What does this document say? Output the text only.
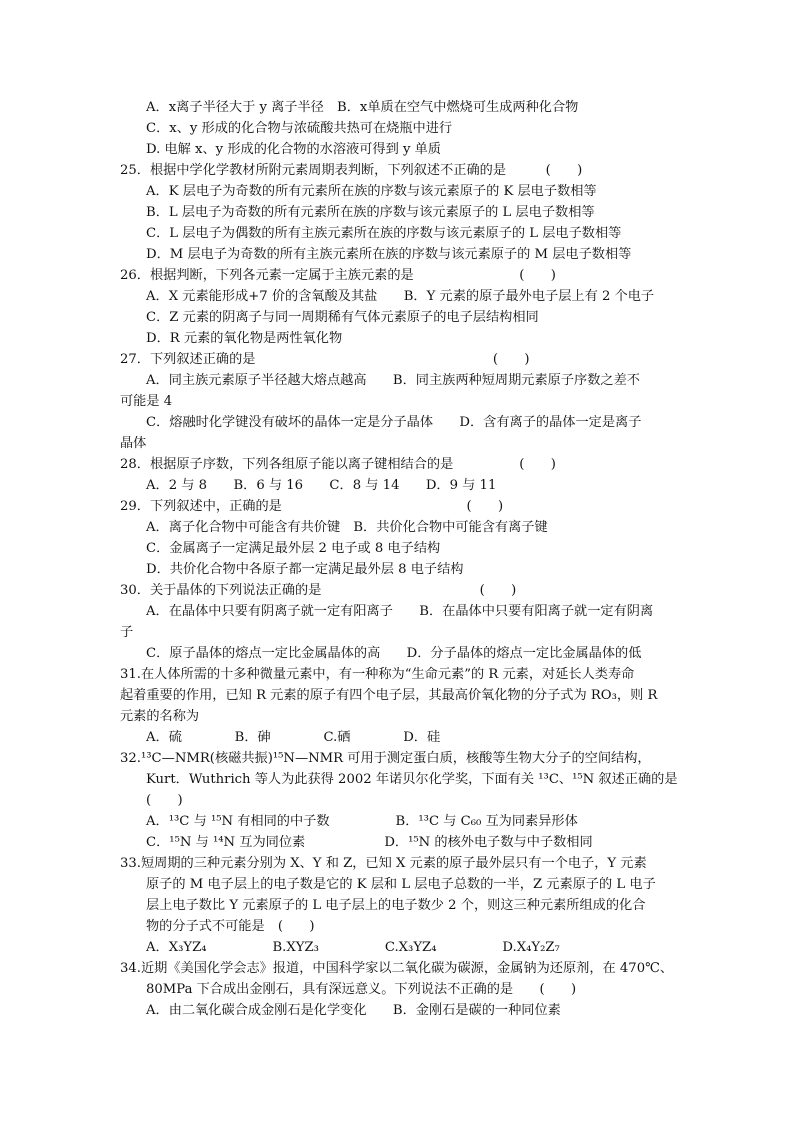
A．x离子半径大于 y 离子半径　B．x单质在空气中燃烧可生成两种化合物
C．x、y 形成的化合物与浓硫酸共热可在烧瓶中进行
D. 电解 x、y 形成的化合物的水溶液可得到 y 单质
25．根据中学化学教材所附元素周期表判断，下列叙述不正确的是　　　(　　)
A．K 层电子为奇数的所有元素所在族的序数与该元素原子的 K 层电子数相等
B．L 层电子为奇数的所有元素所在族的序数与该元素原子的 L 层电子数相等
C．L 层电子为偶数的所有主族元素所在族的序数与该元素原子的 L 层电子数相等
D．M 层电子为奇数的所有主族元素所在族的序数与该元素原子的 M 层电子数相等
26．根据判断，下列各元素一定属于主族元素的是　　　　　　　　(　　)
A．X 元素能形成+7 价的含氧酸及其盐　　B．Y 元素的原子最外电子层上有 2 个电子
C．Z 元素的阴离子与同一周期稀有气体元素原子的电子层结构相同
D．R 元素的氧化物是两性氧化物
27．下列叙述正确的是　　　　　　　　　　　　　　　　　　(　　)
A．同主族元素原子半径越大熔点越高　　B．同主族两种短周期元素原子序数之差不
可能是 4
C．熔融时化学键没有破坏的晶体一定是分子晶体　　D．含有离子的晶体一定是离子
晶体
28．根据原子序数，下列各组原子能以离子键相结合的是　　　　　(　　)
A．2 与 8　　B．6 与 16　　C．8 与 14　　D．9 与 11
29．下列叙述中，正确的是　　　　　　　　　　　　　　(　　)
A．离子化合物中可能含有共价键　B．共价化合物中可能含有离子键
C．金属离子一定满足最外层 2 电子或 8 电子结构
D．共价化合物中各原子都一定满足最外层 8 电子结构
30．关于晶体的下列说法正确的是　　　　　　　　　　　　(　　)
A．在晶体中只要有阴离子就一定有阳离子　　B．在晶体中只要有阳离子就一定有阴离
子
C．原子晶体的熔点一定比金属晶体的高　　D．分子晶体的熔点一定比金属晶体的低
31.在人体所需的十多种微量元素中，有一种称为“生命元素”的 R 元素，对延长人类寿命
起着重要的作用，已知 R 元素的原子有四个电子层，其最高价氧化物的分子式为 RO₃，则 R
元素的名称为
A．硫　　　　B．砷　　　　C.硒　　　　D．硅
32.¹³C—NMR(核磁共振)¹⁵N—NMR 可用于测定蛋白质，核酸等生物大分子的空间结构，
Kurt．Wuthrich 等人为此获得 2002 年诺贝尔化学奖，下面有关 ¹³C、¹⁵N 叙述正确的是
(　　)
A．¹³C 与 ¹⁵N 有相同的中子数　　　　　B．¹³C 与 C₆₀ 互为同素异形体
C．¹⁵N 与 ¹⁴N 互为同位素　　　　　　D．¹⁵N 的核外电子数与中子数相同
33.短周期的三种元素分别为 X、Y 和 Z，已知 X 元素的原子最外层只有一个电子，Y 元素
原子的 M 电子层上的电子数是它的 K 层和 L 层电子总数的一半，Z 元素原子的 L 电子
层上电子数比 Y 元素原子的 L 电子层上的电子数少 2 个，则这三种元素所组成的化合
物的分子式不可能是　(　　)
A．X₃YZ₄　　　　　B.XYZ₃　　　　　C.X₃YZ₄　　　　　D.X₄Y₂Z₇
34.近期《美国化学会志》报道，中国科学家以二氧化碳为碳源，金属钠为还原剂，在 470℃、
80MPa 下合成出金刚石，具有深远意义。下列说法不正确的是　　(　　)
A．由二氧化碳合成金刚石是化学变化　　B．金刚石是碳的一种同位素
